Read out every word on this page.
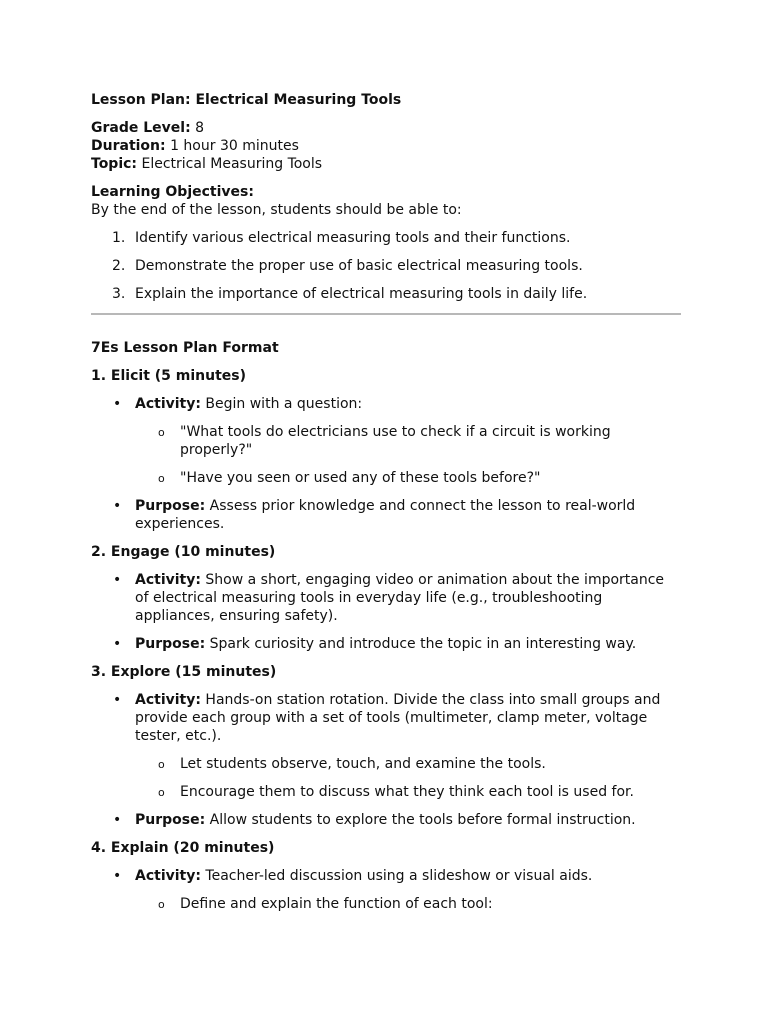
Lesson Plan: Electrical Measuring Tools

Grade Level: 8

Duration: 1 hour 30 minutes

Topic: Electrical Measuring Tools

Learning Objectives:

By the end of the lesson, students should be able to:

1. Identify various electrical measuring tools and their functions.
2. Demonstrate the proper use of basic electrical measuring tools.
3. Explain the importance of electrical measuring tools in daily life.

7Es Lesson Plan Format

1. Elicit (5 minutes)

• Activity: Begin with a question:
o "What tools do electricians use to check if a circuit is working properly?"
o "Have you seen or used any of these tools before?"
• Purpose: Assess prior knowledge and connect the lesson to real-world experiences.

2. Engage (10 minutes)

• Activity: Show a short, engaging video or animation about the importance of electrical measuring tools in everyday life (e.g., troubleshooting appliances, ensuring safety).
• Purpose: Spark curiosity and introduce the topic in an interesting way.

3. Explore (15 minutes)

• Activity: Hands-on station rotation. Divide the class into small groups and provide each group with a set of tools (multimeter, clamp meter, voltage tester, etc.).
o Let students observe, touch, and examine the tools.
o Encourage them to discuss what they think each tool is used for.
• Purpose: Allow students to explore the tools before formal instruction.

4. Explain (20 minutes)

• Activity: Teacher-led discussion using a slideshow or visual aids.
o Define and explain the function of each tool:
